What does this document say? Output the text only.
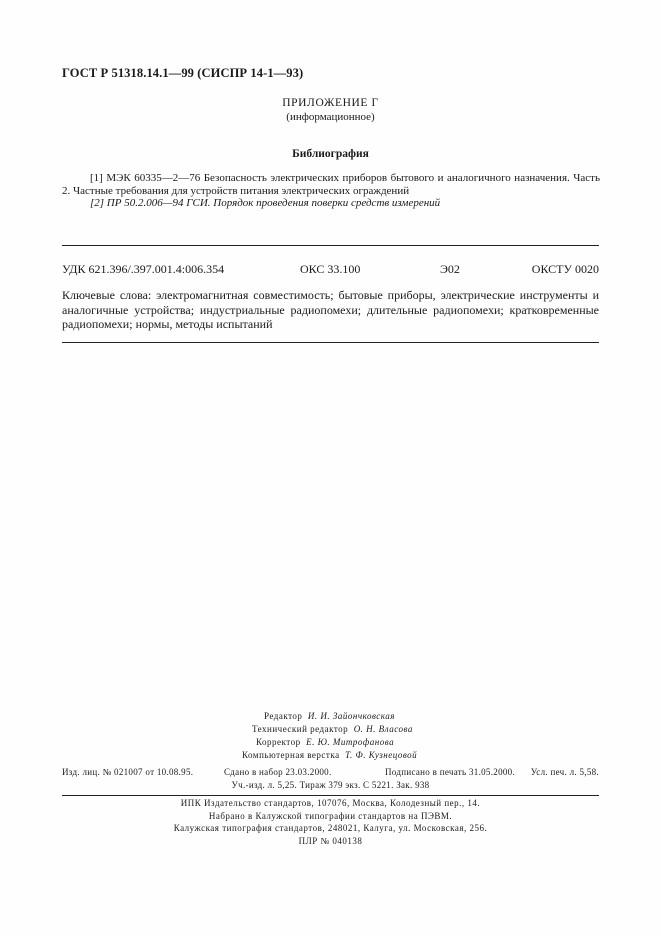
ГОСТ Р 51318.14.1—99 (СИСПР 14-1—93)
ПРИЛОЖЕНИЕ Г
(информационное)
Библиография
[1] МЭК 60335—2—76 Безопасность электрических приборов бытового и аналогичного назначения. Часть 2. Частные требования для устройств питания электрических ограждений
[2] ПР 50.2.006—94 ГСИ. Порядок проведения поверки средств измерений
УДК 621.396/.397.001.4:006.354	ОКС 33.100	Э02	ОКСТУ 0020
Ключевые слова: электромагнитная совместимость; бытовые приборы, электрические инструменты и аналогичные устройства; индустриальные радиопомехи; длительные радиопомехи; кратковременные радиопомехи; нормы, методы испытаний
Редактор И. И. Зайончковская
Технический редактор О. Н. Власова
Корректор Е. Ю. Митрофанова
Компьютерная верстка Т. Ф. Кузнецовой
Изд. лиц. № 021007 от 10.08.95.	Сдано в набор 23.03.2000.	Подписано в печать 31.05.2000. Усл. печ. л. 5,58.
Уч.-изд. л. 5,25. Тираж 379 экз. С 5221. Зак. 938
ИПК Издательство стандартов, 107076, Москва, Колодезный пер., 14.
Набрано в Калужской типографии стандартов на ПЭВМ.
Калужская типография стандартов, 248021, Калуга, ул. Московская, 256.
ПЛР № 040138
